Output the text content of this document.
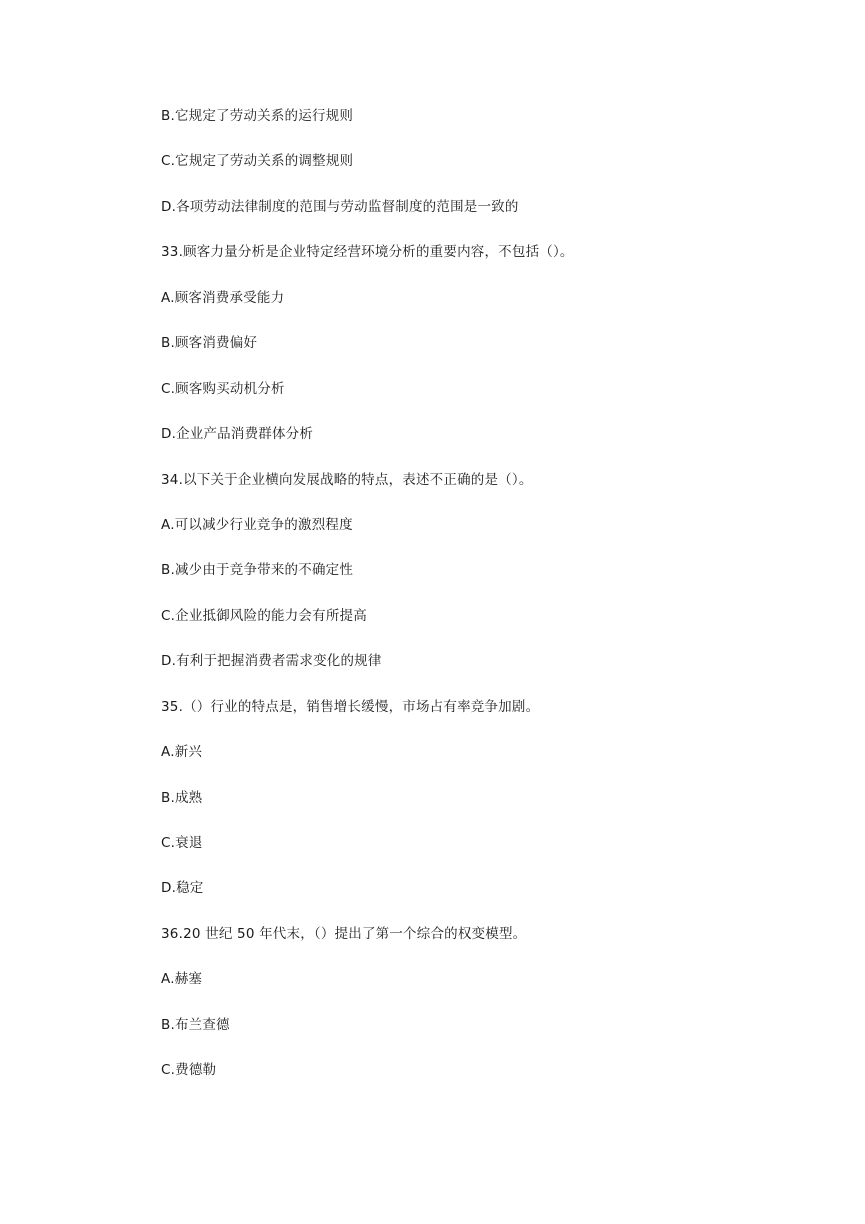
B.它规定了劳动关系的运行规则
C.它规定了劳动关系的调整规则
D.各项劳动法律制度的范围与劳动监督制度的范围是一致的
33.顾客力量分析是企业特定经营环境分析的重要内容，不包括（）。
A.顾客消费承受能力
B.顾客消费偏好
C.顾客购买动机分析
D.企业产品消费群体分析
34.以下关于企业横向发展战略的特点，表述不正确的是（）。
A.可以减少行业竞争的激烈程度
B.减少由于竞争带来的不确定性
C.企业抵御风险的能力会有所提高
D.有利于把握消费者需求变化的规律
35.（）行业的特点是，销售增长缓慢，市场占有率竞争加剧。
A.新兴
B.成熟
C.衰退
D.稳定
36.20 世纪 50 年代末，（）提出了第一个综合的权变模型。
A.赫塞
B.布兰查德
C.费德勒
